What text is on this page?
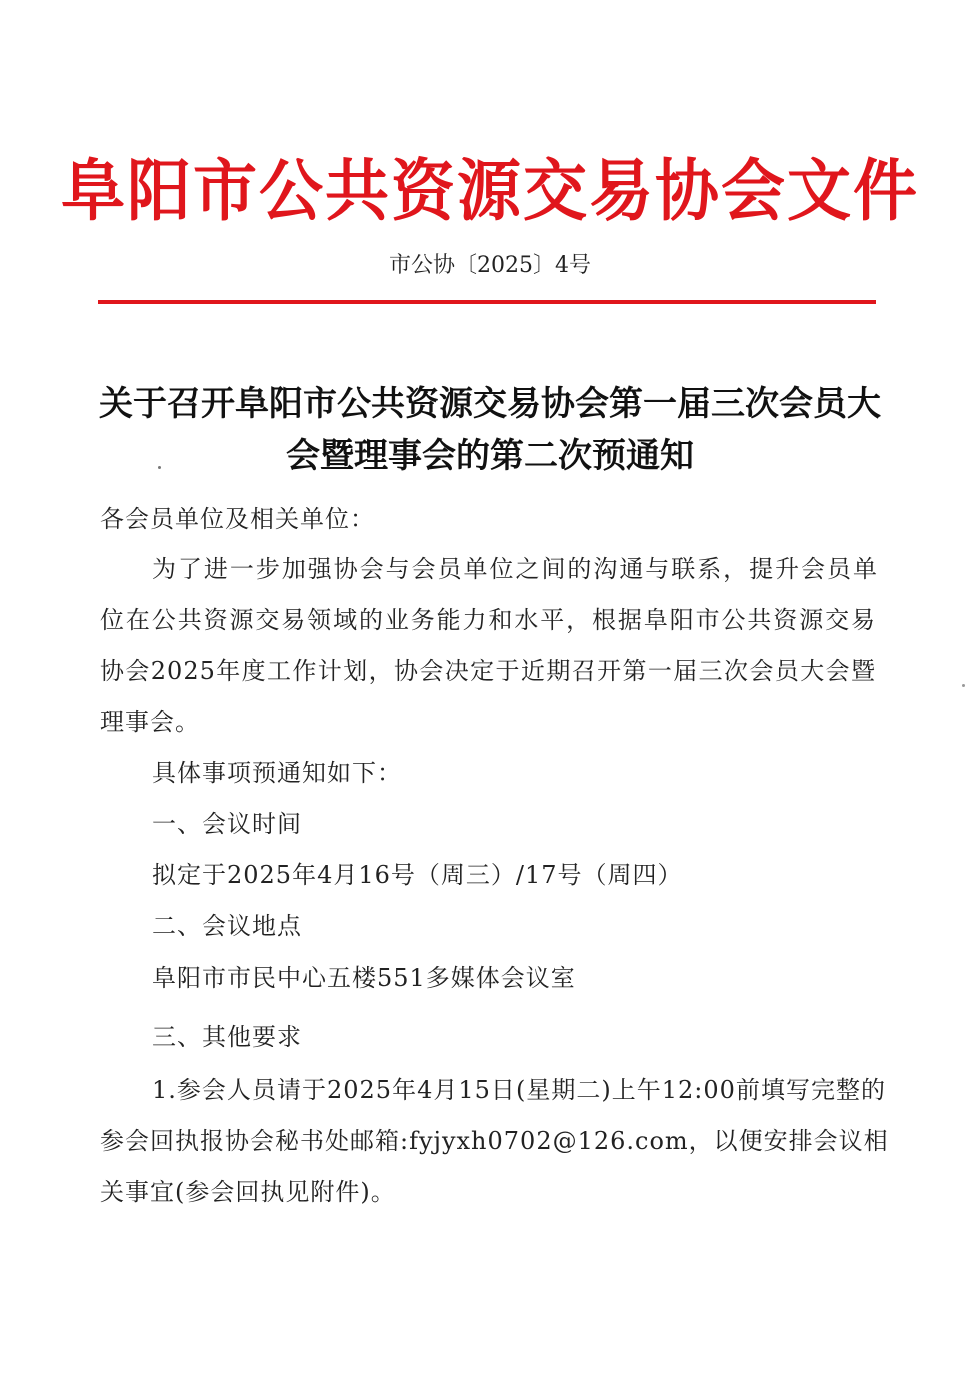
阜阳市公共资源交易协会文件
市公协〔2025〕4号
关于召开阜阳市公共资源交易协会第一届三次会员大
会暨理事会的第二次预通知
各会员单位及相关单位：
为了进一步加强协会与会员单位之间的沟通与联系，提升会员单
位在公共资源交易领域的业务能力和水平，根据阜阳市公共资源交易
协会2025年度工作计划，协会决定于近期召开第一届三次会员大会暨
理事会。
具体事项预通知如下：
一、会议时间
拟定于2025年4月16号（周三）/17号（周四）
二、会议地点
阜阳市市民中心五楼551多媒体会议室
三、其他要求
1.参会人员请于2025年4月15日(星期二)上午12:00前填写完整的
参会回执报协会秘书处邮箱:fyjyxh0702@126.com，以便安排会议相
关事宜(参会回执见附件)。
